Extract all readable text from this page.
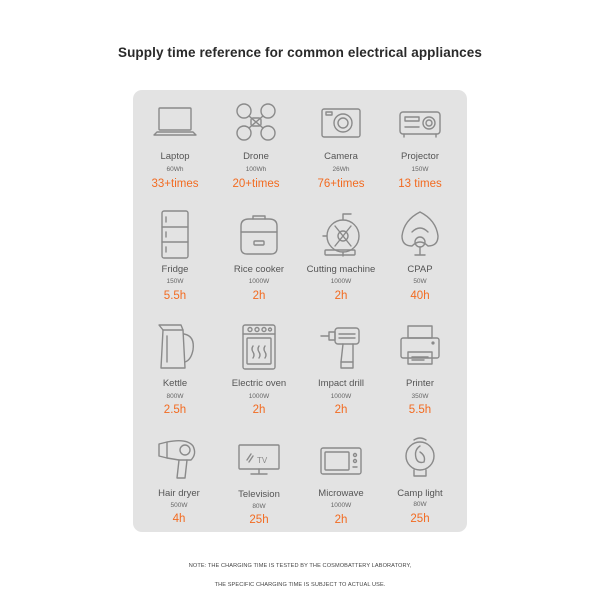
Supply time reference for common electrical appliances
Laptop
60Wh
33+times
Drone
100Wh
20+times
Camera
26Wh
76+times
Projector
150W
13 times
Fridge
150W
5.5h
Rice cooker
1000W
2h
Cutting machine
1000W
2h
CPAP
50W
40h
Kettle
800W
2.5h
Electric oven
1000W
2h
Impact drill
1000W
2h
Printer
350W
5.5h
Hair dryer
500W
4h
TV
Television
80W
25h
Microwave
1000W
2h
Camp light
80W
25h
NOTE: THE CHARGING TIME IS TESTED BY THE COSMOBATTERY LABORATORY,
THE SPECIFIC CHARGING TIME IS SUBJECT TO ACTUAL USE.
